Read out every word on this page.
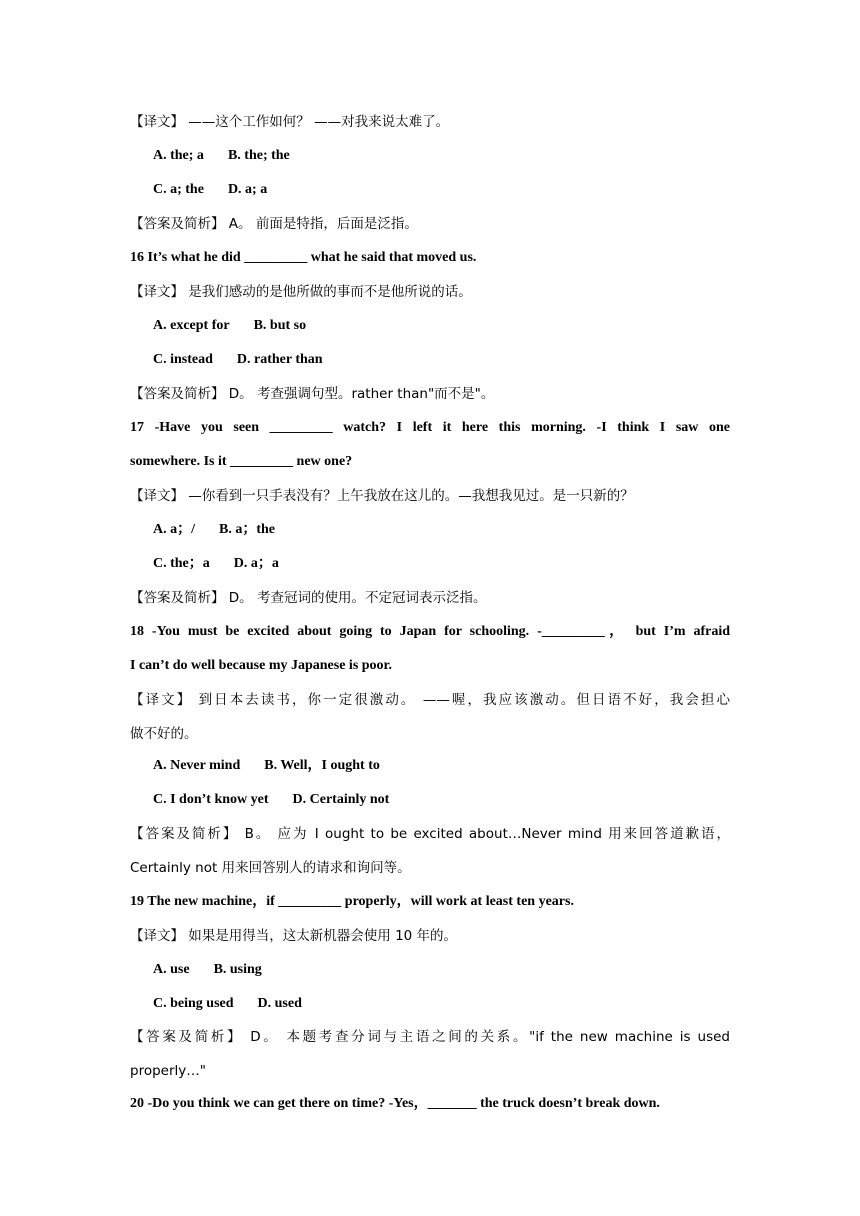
【译文】 ——这个工作如何？ ——对我来说太难了。
A. the; a B. the; the
C. a; the D. a; a
【答案及简析】 A。 前面是特指，后面是泛指。
16 It’s what he did _________ what he said that moved us.
【译文】 是我们感动的是他所做的事而不是他所说的话。
A. except for B. but so
C. instead D. rather than
【答案及简析】 D。 考查强调句型。rather than"而不是"。
17 -Have you seen _________ watch? I left it here this morning. -I think I saw one
somewhere. Is it _________ new one?
【译文】 —你看到一只手表没有？上午我放在这儿的。—我想我见过。是一只新的？
A. a；/ B. a；the
C. the；a D. a；a
【答案及简析】 D。 考查冠词的使用。不定冠词表示泛指。
18 -You must be excited about going to Japan for schooling. -_________， but I’m afraid
I can’t do well because my Japanese is poor.
【译文】 到日本去读书，你一定很激动。 ——喔，我应该激动。但日语不好，我会担心
做不好的。
A. Never mind B. Well，I ought to
C. I don’t know yet D. Certainly not
【答案及简析】 B。 应为 I ought to be excited about…Never mind 用来回答道歉语，
Certainly not 用来回答别人的请求和询问等。
19 The new machine，if _________ properly，will work at least ten years.
【译文】 如果是用得当，这太新机器会使用 10 年的。
A. use B. using
C. being used D. used
【答案及简析】 D。 本题考查分词与主语之间的关系。"if the new machine is used
properly…"
20 -Do you think we can get there on time? -Yes，_______ the truck doesn’t break down.
